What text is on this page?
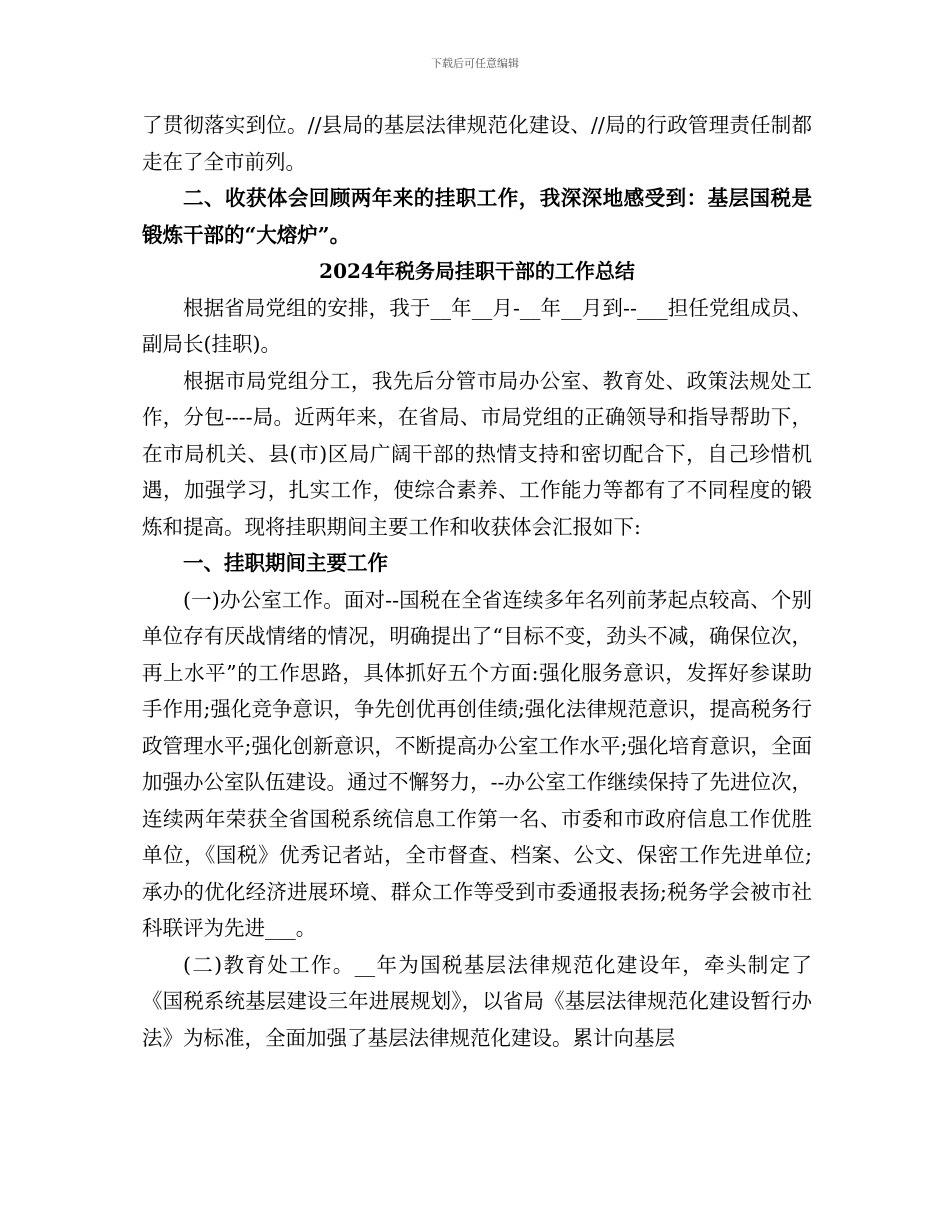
下载后可任意编辑

了贯彻落实到位。//县局的基层法律规范化建设、//局的行政管理责任制都走在了全市前列。

二、收获体会回顾两年来的挂职工作，我深深地感受到：基层国税是锻炼干部的“大熔炉”。

2024年税务局挂职干部的工作总结

根据省局党组的安排，我于__年__月-__年__月到--___担任党组成员、副局长(挂职)。

根据市局党组分工，我先后分管市局办公室、教育处、政策法规处工作，分包----局。近两年来，在省局、市局党组的正确领导和指导帮助下，在市局机关、县(市)区局广阔干部的热情支持和密切配合下，自己珍惜机遇，加强学习，扎实工作，使综合素养、工作能力等都有了不同程度的锻炼和提高。现将挂职期间主要工作和收获体会汇报如下:

一、挂职期间主要工作

(一)办公室工作。面对--国税在全省连续多年名列前茅起点较高、个别单位存有厌战情绪的情况，明确提出了“目标不变，劲头不减，确保位次，再上水平”的工作思路，具体抓好五个方面:强化服务意识，发挥好参谋助手作用;强化竞争意识，争先创优再创佳绩;强化法律规范意识，提高税务行政管理水平;强化创新意识，不断提高办公室工作水平;强化培育意识，全面加强办公室队伍建设。通过不懈努力，--办公室工作继续保持了先进位次，连续两年荣获全省国税系统信息工作第一名、市委和市政府信息工作优胜单位，《国税》优秀记者站，全市督查、档案、公文、保密工作先进单位;承办的优化经济进展环境、群众工作等受到市委通报表扬;税务学会被市社科联评为先进___。

(二)教育处工作。__年为国税基层法律规范化建设年，牵头制定了《国税系统基层建设三年进展规划》，以省局《基层法律规范化建设暂行办法》为标准，全面加强了基层法律规范化建设。累计向基层
